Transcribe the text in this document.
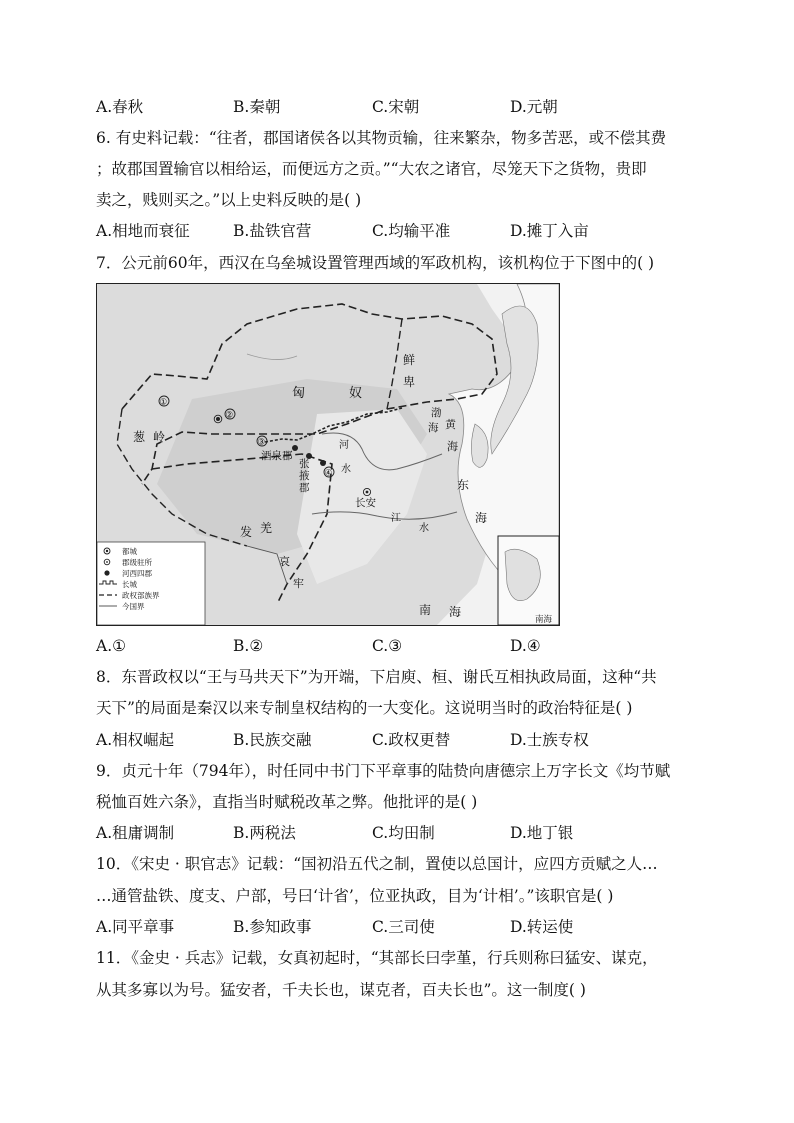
A.春秋	B.秦朝	C.宋朝	D.元朝
6. 有史料记载：“往者，郡国诸侯各以其物贡输，往来繁杂，物多苦恶，或不偿其费
；故郡国置输官以相给运，而便远方之贡。”“大农之诸官，尽笼天下之货物，贵即
卖之，贱则买之。”以上史料反映的是( )
A.相地而衰征	B.盐铁官营	C.均输平准	D.摊丁入亩
7．公元前60年，西汉在乌垒城设置管理西域的军政机构，该机构位于下图中的( )
都城
郡级驻所
河西四郡
长城
政权部族界
今国界
①
②
③
④
匈	奴
鲜
卑
葱 岭
酒泉郡
张
掖
郡
长安
发 羌
哀
牢
南 海
东
海
黄
海
渤
海
河
水
江
水
南海
A.①	B.②	C.③	D.④
8．东晋政权以“王与马共天下”为开端，下启庾、桓、谢氏互相执政局面，这种“共
天下”的局面是秦汉以来专制皇权结构的一大变化。这说明当时的政治特征是( )
A.相权崛起	B.民族交融	C.政权更替	D.士族专权
9．贞元十年（794年），时任同中书门下平章事的陆贽向唐德宗上万字长文《均节赋
税恤百姓六条》，直指当时赋税改革之弊。他批评的是( )
A.租庸调制	B.两税法	C.均田制	D.地丁银
10．《宋史 · 职官志》记载：“国初沿五代之制，置使以总国计，应四方贡赋之人…
…通管盐铁、度支、户部，号曰‘计省’，位亚执政，目为‘计相’。”该职官是( )
A.同平章事	B.参知政事	C.三司使	D.转运使
11．《金史 · 兵志》记载，女真初起时，“其部长曰孛堇，行兵则称曰猛安、谋克，
从其多寡以为号。猛安者，千夫长也，谋克者，百夫长也”。这一制度( )
